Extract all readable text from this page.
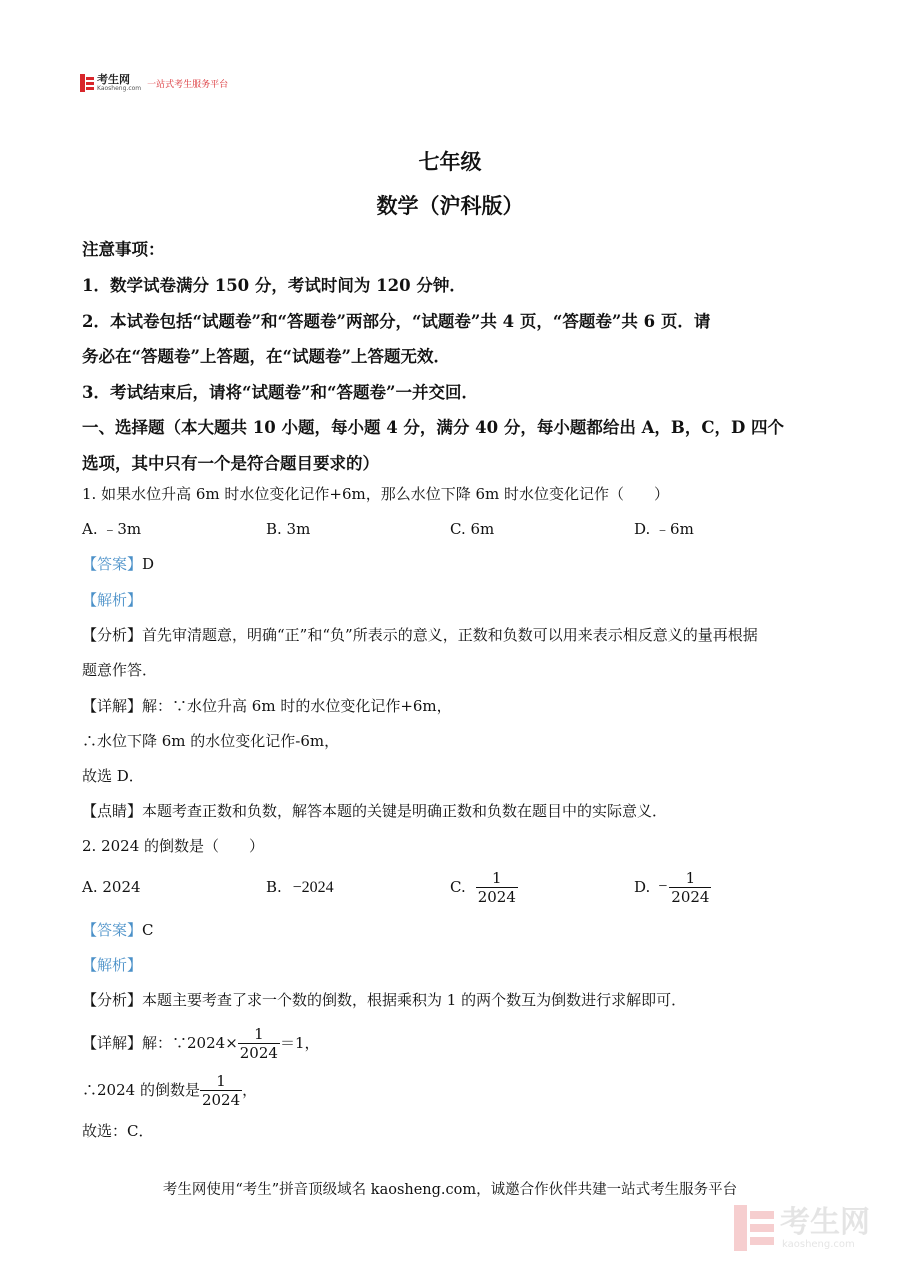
考生网
Kaosheng.com 一站式考生服务平台
七年级
数学（沪科版）
注意事项：
1．数学试卷满分 150 分，考试时间为 120 分钟．
2．本试卷包括“试题卷”和“答题卷”两部分，“试题卷”共 4 页，“答题卷”共 6 页．请
务必在“答题卷”上答题，在“试题卷”上答题无效．
3．考试结束后，请将“试题卷”和“答题卷”一并交回．
一、选择题（本大题共 10 小题，每小题 4 分，满分 40 分，每小题都给出 A，B，C，D 四个
选项，其中只有一个是符合题目要求的）
1. 如果水位升高 6m 时水位变化记作+6m，那么水位下降 6m 时水位变化记作（　　）
A. ﹣3m	B. 3m	C. 6m	D. ﹣6m
【答案】D
【解析】
【分析】首先审清题意，明确“正”和“负”所表示的意义，正数和负数可以用来表示相反意义的量再根据
题意作答．
【详解】解：∵水位升高 6m 时的水位变化记作+6m，
∴水位下降 6m 的水位变化记作-6m，
故选 D．
【点睛】本题考查正数和负数，解答本题的关键是明确正数和负数在题目中的实际意义．
2. 2024 的倒数是（　　）
A. 2024	B. −2024	C. $\frac{1}{2024}$	D. − $\frac{1}{2024}$
【答案】C
【解析】
【分析】本题主要考查了求一个数的倒数，根据乘积为 1 的两个数互为倒数进行求解即可．
【详解】 解：∵2024× $\frac{1}{2024} =1$，
∴2024 的倒数是 $\frac{1}{2024}$ ，
故选：C．
考生网使用“考生”拼音顶级域名 kaosheng.com，诚邀合作伙伴共建一站式考生服务平台
考生网
kaosheng.com
